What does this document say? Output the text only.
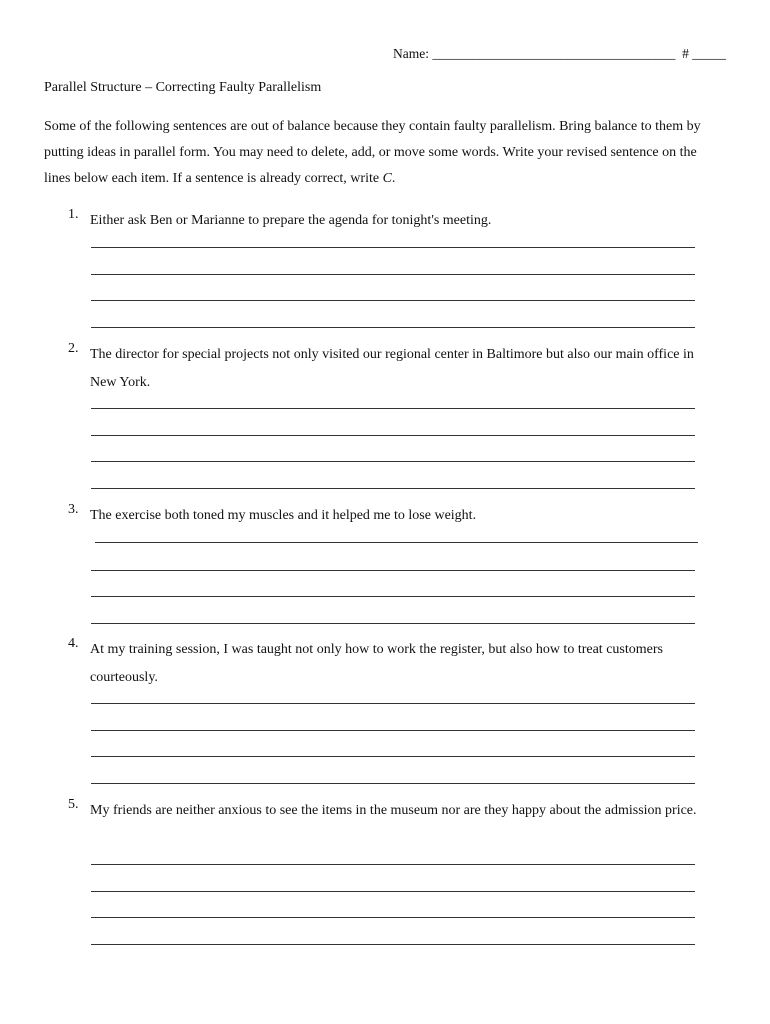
Name: ____________________________________  # _____
Parallel Structure – Correcting Faulty Parallelism
Some of the following sentences are out of balance because they contain faulty parallelism. Bring balance to them by putting ideas in parallel form. You may need to delete, add, or move some words. Write your revised sentence on the lines below each item. If a sentence is already correct, write C.
1. Either ask Ben or Marianne to prepare the agenda for tonight's meeting.
2. The director for special projects not only visited our regional center in Baltimore but also our main office in New York.
3. The exercise both toned my muscles and it helped me to lose weight.
4. At my training session, I was taught not only how to work the register, but also how to treat customers courteously.
5. My friends are neither anxious to see the items in the museum nor are they happy about the admission price.
